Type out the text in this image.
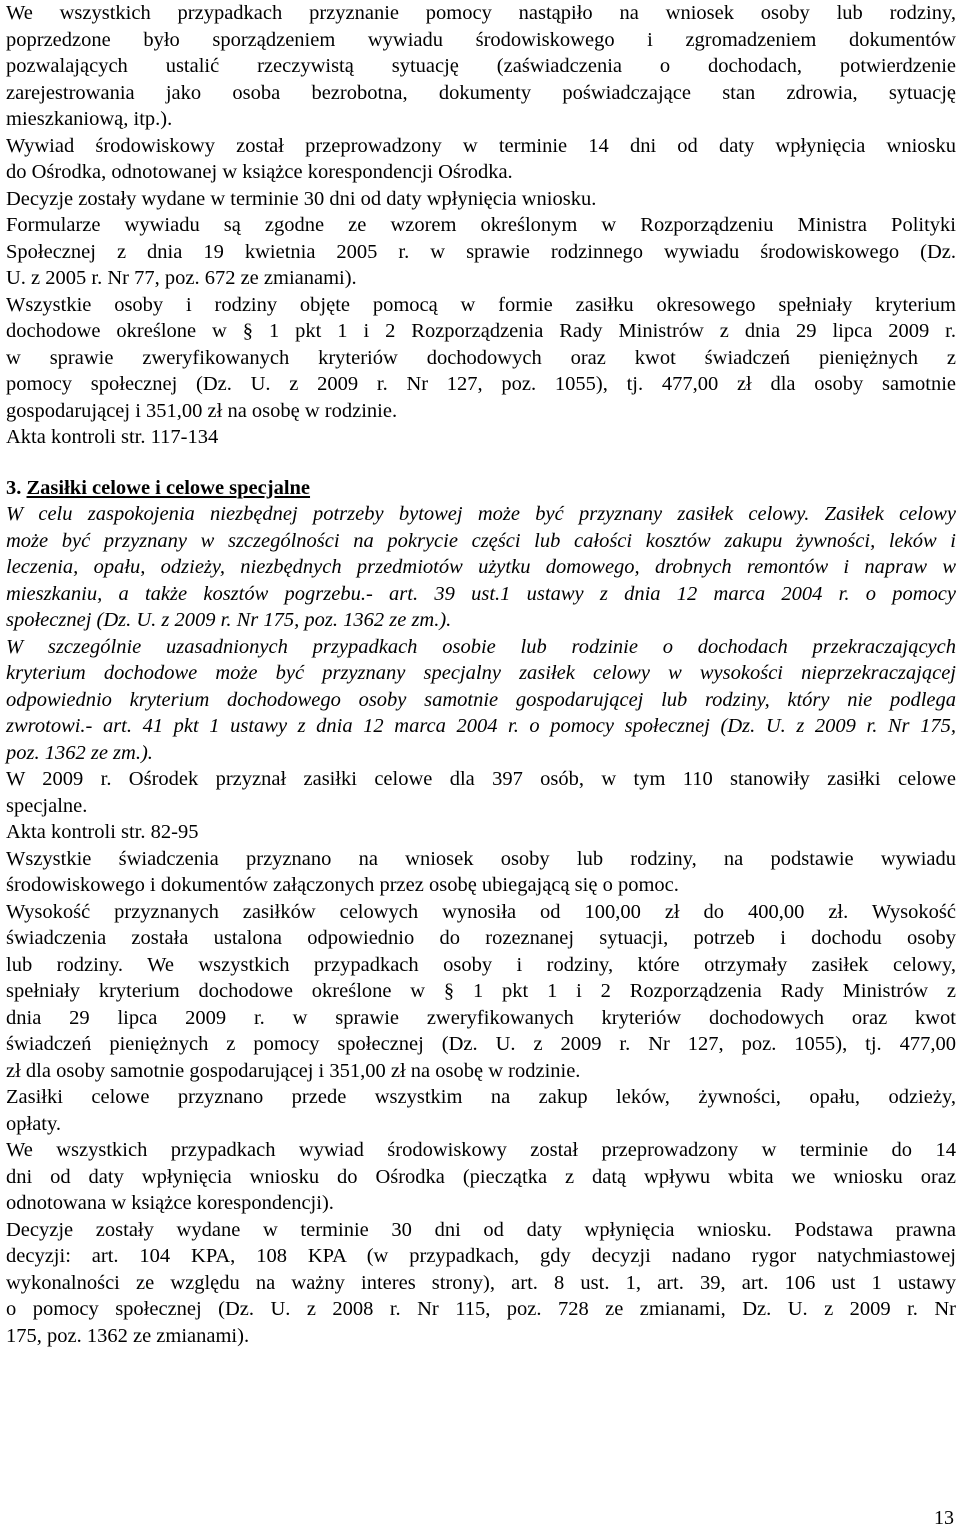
We wszystkich przypadkach przyznanie pomocy nastąpiło na wniosek osoby lub rodziny,
poprzedzone było sporządzeniem wywiadu środowiskowego i zgromadzeniem dokumentów
pozwalających ustalić rzeczywistą sytuację (zaświadczenia o dochodach, potwierdzenie
zarejestrowania jako osoba bezrobotna, dokumenty poświadczające stan zdrowia, sytuację
mieszkaniową, itp.).
Wywiad środowiskowy został przeprowadzony w terminie 14 dni od daty wpłynięcia wniosku
do Ośrodka, odnotowanej w książce korespondencji Ośrodka.
Decyzje zostały wydane w terminie 30 dni od daty wpłynięcia wniosku.
Formularze wywiadu są zgodne ze wzorem określonym w Rozporządzeniu Ministra Polityki
Społecznej z dnia 19 kwietnia 2005 r. w sprawie rodzinnego wywiadu środowiskowego (Dz.
U. z 2005 r. Nr 77, poz. 672 ze zmianami).
Wszystkie osoby i rodziny objęte pomocą w formie zasiłku okresowego spełniały kryterium
dochodowe określone w § 1 pkt 1 i 2 Rozporządzenia Rady Ministrów z dnia 29 lipca 2009 r.
w sprawie zweryfikowanych kryteriów dochodowych oraz kwot świadczeń pieniężnych z
pomocy społecznej (Dz. U. z 2009 r. Nr 127, poz. 1055), tj. 477,00 zł dla osoby samotnie
gospodarującej i 351,00 zł na osobę w rodzinie.
Akta kontroli str. 117-134

3. Zasiłki celowe i celowe specjalne

W celu zaspokojenia niezbędnej potrzeby bytowej może być przyznany zasiłek celowy. Zasiłek celowy
może być przyznany w szczególności na pokrycie części lub całości kosztów zakupu żywności, leków i
leczenia, opału, odzieży, niezbędnych przedmiotów użytku domowego, drobnych remontów i napraw w
mieszkaniu, a także kosztów pogrzebu.- art. 39 ust.1 ustawy z dnia 12 marca 2004 r. o pomocy
społecznej (Dz. U. z 2009 r. Nr 175, poz. 1362 ze zm.).
W szczególnie uzasadnionych przypadkach osobie lub rodzinie o dochodach przekraczających
kryterium dochodowe może być przyznany specjalny zasiłek celowy w wysokości nieprzekraczającej
odpowiednio kryterium dochodowego osoby samotnie gospodarującej lub rodziny, który nie podlega
zwrotowi.- art. 41 pkt 1 ustawy z dnia 12 marca 2004 r. o pomocy społecznej (Dz. U. z 2009 r. Nr 175,
poz. 1362 ze zm.).
W 2009 r. Ośrodek przyznał zasiłki celowe dla 397 osób, w tym 110 stanowiły zasiłki celowe
specjalne.
Akta kontroli str. 82-95
Wszystkie świadczenia przyznano na wniosek osoby lub rodziny, na podstawie wywiadu
środowiskowego i dokumentów załączonych przez osobę ubiegającą się o pomoc.
Wysokość przyznanych zasiłków celowych wynosiła od 100,00 zł do 400,00 zł. Wysokość
świadczenia została ustalona odpowiednio do rozeznanej sytuacji, potrzeb i dochodu osoby
lub rodziny. We wszystkich przypadkach osoby i rodziny, które otrzymały zasiłek celowy,
spełniały kryterium dochodowe określone w § 1 pkt 1 i 2 Rozporządzenia Rady Ministrów z
dnia 29 lipca 2009 r. w sprawie zweryfikowanych kryteriów dochodowych oraz kwot
świadczeń pieniężnych z pomocy społecznej (Dz. U. z 2009 r. Nr 127, poz. 1055), tj. 477,00
zł dla osoby samotnie gospodarującej i 351,00 zł na osobę w rodzinie.
Zasiłki celowe przyznano przede wszystkim na zakup leków, żywności, opału, odzieży,
opłaty.
We wszystkich przypadkach wywiad środowiskowy został przeprowadzony w terminie do 14
dni od daty wpłynięcia wniosku do Ośrodka (pieczątka z datą wpływu wbita we wniosku oraz
odnotowana w książce korespondencji).
Decyzje zostały wydane w terminie 30 dni od daty wpłynięcia wniosku. Podstawa prawna
decyzji: art. 104 KPA, 108 KPA (w przypadkach, gdy decyzji nadano rygor natychmiastowej
wykonalności ze względu na ważny interes strony), art. 8 ust. 1, art. 39, art. 106 ust 1 ustawy
o pomocy społecznej (Dz. U. z 2008 r. Nr 115, poz. 728 ze zmianami, Dz. U. z 2009 r. Nr
175, poz. 1362 ze zmianami).
13
